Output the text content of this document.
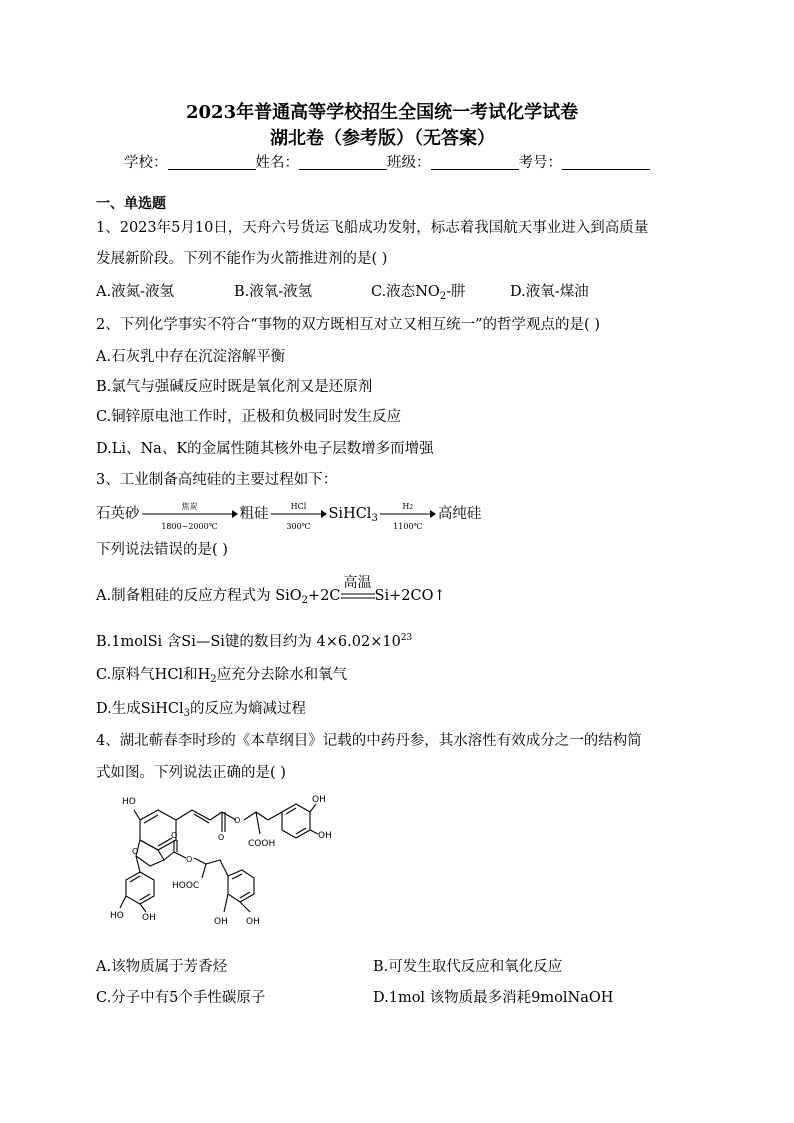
2023年普通高等学校招生全国统一考试化学试卷
湖北卷（参考版）（无答案）
学校：	姓名：	班级：	考号：
一、单选题
1、2023年5月10日，天舟六号货运飞船成功发射，标志着我国航天事业进入到高质量
发展新阶段。下列不能作为火箭推进剂的是( )
A.液氮-液氢	B.液氧-液氢	C.液态$NO_2-$肼	D.液氧-煤油
2、下列化学事实不符合“事物的双方既相互对立又相互统一”的哲学观点的是( )
A.石灰乳中存在沉淀溶解平衡
B.氯气与强碱反应时既是氧化剂又是还原剂
C.铜锌原电池工作时，正极和负极同时发生反应
D.Li、Na、K的金属性随其核外电子层数增多而增强
3、工业制备高纯硅的主要过程如下：
石英砂	焦炭
1800~2000℃
粗硅	HCl
300℃
SiHCl$_3$
H2
1100℃
高纯硅
下列说法错误的是( )
A.制备粗硅的反应方程式为 SiO$_2$+2C
高温
Si+2CO↑
B.1molSi 含Si—Si键的数目约为 $4\times 6.02\times 10^{23}$
C.原料气HCl和$H_2$应充分去除水和氧气
D.生成SiHCl$_3$的反应为熵减过程
4、湖北蕲春李时珍的《本草纲目》记载的中药丹参，其水溶性有效成分之一的结构简
式如图。下列说法正确的是( )
HO	OH
OH
COOH
HOOC
HO OH	OH OH
O
O
O
O
O
A.该物质属于芳香烃	B.可发生取代反应和氧化反应
C.分子中有5个手性碳原子	D.1mol 该物质最多消耗9molNaOH
